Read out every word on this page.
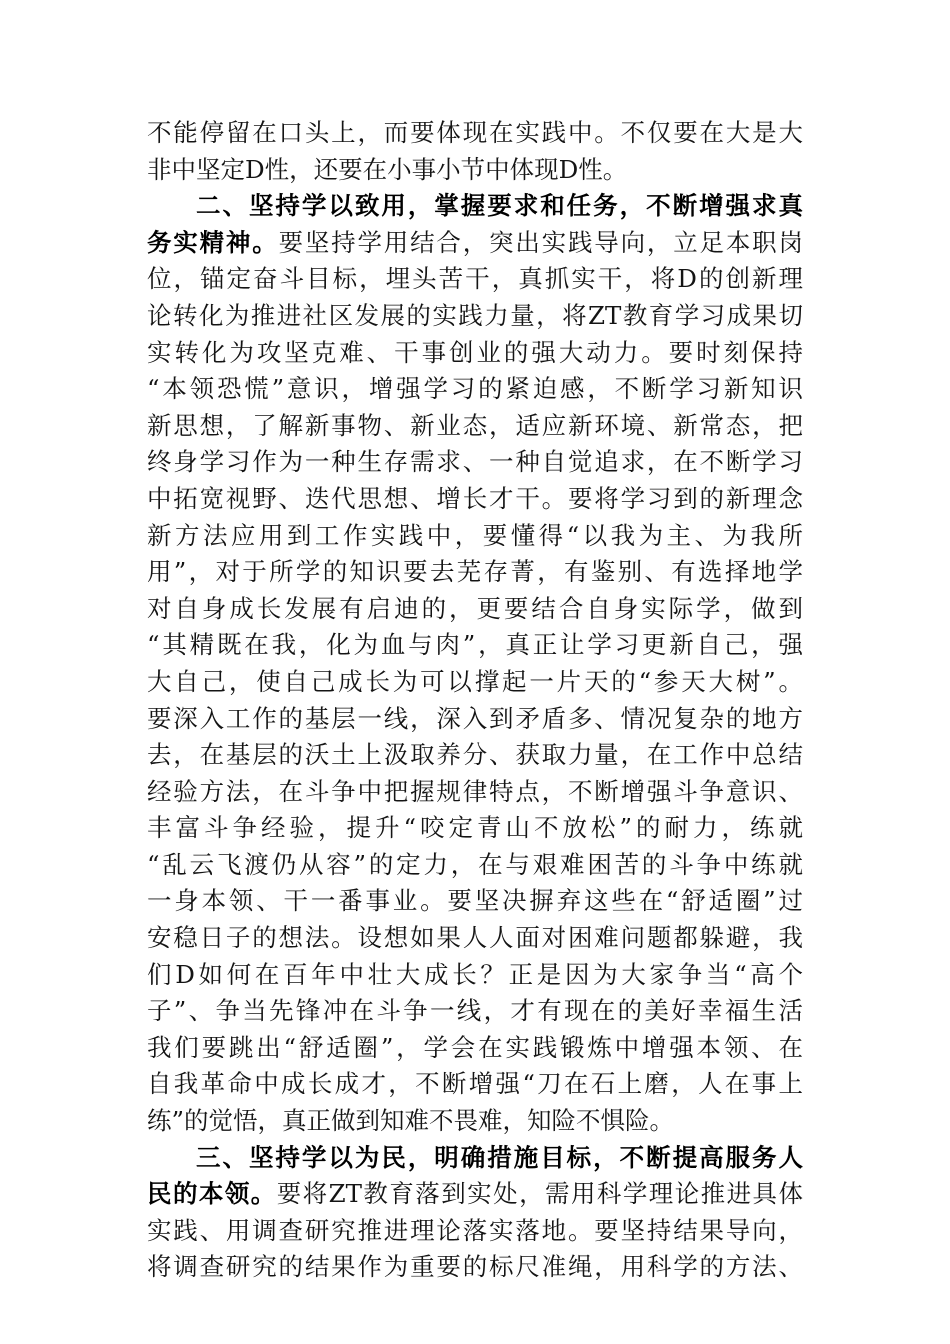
不能停留在口头上，而要体现在实践中。不仅要在大是大
非中坚定D性，还要在小事小节中体现D性。
二、坚持学以致用，掌握要求和任务，不断增强求真
务实精神。要坚持学用结合，突出实践导向，立足本职岗
位，锚定奋斗目标，埋头苦干，真抓实干，将D的创新理
论转化为推进社区发展的实践力量，将ZT教育学习成果切
实转化为攻坚克难、干事创业的强大动力。要时刻保持
“本领恐慌”意识，增强学习的紧迫感，不断学习新知识
新思想，了解新事物、新业态，适应新环境、新常态，把
终身学习作为一种生存需求、一种自觉追求，在不断学习
中拓宽视野、迭代思想、增长才干。要将学习到的新理念
新方法应用到工作实践中，要懂得“以我为主、为我所
用”，对于所学的知识要去芜存菁，有鉴别、有选择地学
对自身成长发展有启迪的，更要结合自身实际学，做到
“其精既在我，化为血与肉”，真正让学习更新自己，强
大自己，使自己成长为可以撑起一片天的“参天大树”。
要深入工作的基层一线，深入到矛盾多、情况复杂的地方
去，在基层的沃土上汲取养分、获取力量，在工作中总结
经验方法，在斗争中把握规律特点，不断增强斗争意识、
丰富斗争经验，提升“咬定青山不放松”的耐力，练就
“乱云飞渡仍从容”的定力，在与艰难困苦的斗争中练就
一身本领、干一番事业。要坚决摒弃这些在“舒适圈”过
安稳日子的想法。设想如果人人面对困难问题都躲避，我
们D如何在百年中壮大成长？正是因为大家争当“高个
子”、争当先锋冲在斗争一线，才有现在的美好幸福生活
我们要跳出“舒适圈”，学会在实践锻炼中增强本领、在
自我革命中成长成才，不断增强“刀在石上磨，人在事上
练”的觉悟，真正做到知难不畏难，知险不惧险。
三、坚持学以为民，明确措施目标，不断提高服务人
民的本领。要将ZT教育落到实处，需用科学理论推进具体
实践、用调查研究推进理论落实落地。要坚持结果导向，
将调查研究的结果作为重要的标尺准绳，用科学的方法、
